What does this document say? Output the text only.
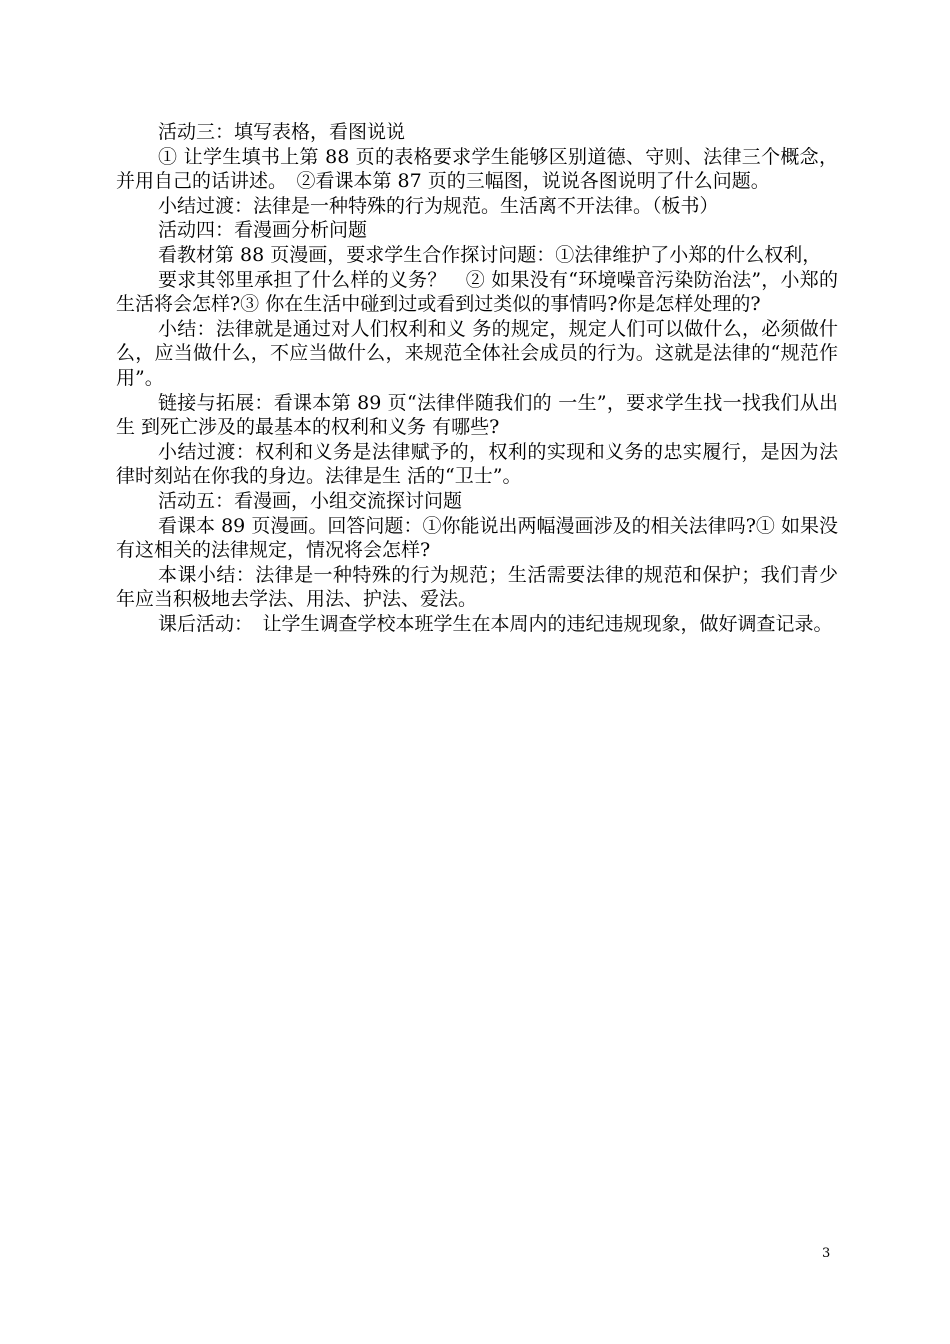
活动三：填写表格，看图说说

① 让学生填书上第 88 页的表格要求学生能够区别道德、守则、法律三个概念，并用自己的话讲述。　②看课本第 87 页的三幅图，说说各图说明了什么问题。

小结过渡：法律是一种特殊的行为规范。生活离不开法律。（板书）

活动四：看漫画分析问题

看教材第 88 页漫画，要求学生合作探讨问题：①法律维护了小郑的什么权利，

要求其邻里承担了什么样的义务？　② 如果没有“环境噪音污染防治法”，小郑的生活将会怎样?③ 你在生活中碰到过或看到过类似的事情吗?你是怎样处理的?

小结：法律就是通过对人们权利和义 务的规定，规定人们可以做什么，必须做什么，应当做什么，不应当做什么，来规范全体社会成员的行为。这就是法律的“规范作用”。

链接与拓展：看课本第 89 页“法律伴随我们的 一生”，要求学生找一找我们从出生 到死亡涉及的最基本的权利和义务 有哪些?

小结过渡：权利和义务是法律赋予的，权利的实现和义务的忠实履行，是因为法 律时刻站在你我的身边。法律是生 活的“卫士”。

活动五：看漫画，小组交流探讨问题

看课本 89 页漫画。回答问题：①你能说出两幅漫画涉及的相关法律吗?① 如果没有这相关的法律规定，情况将会怎样?

本课小结：法律是一种特殊的行为规范；生活需要法律的规范和保护；我们青少年应当积极地去学法、用法、护法、爱法。

课后活动：　让学生调查学校本班学生在本周内的违纪违规现象，做好调查记录。

3
